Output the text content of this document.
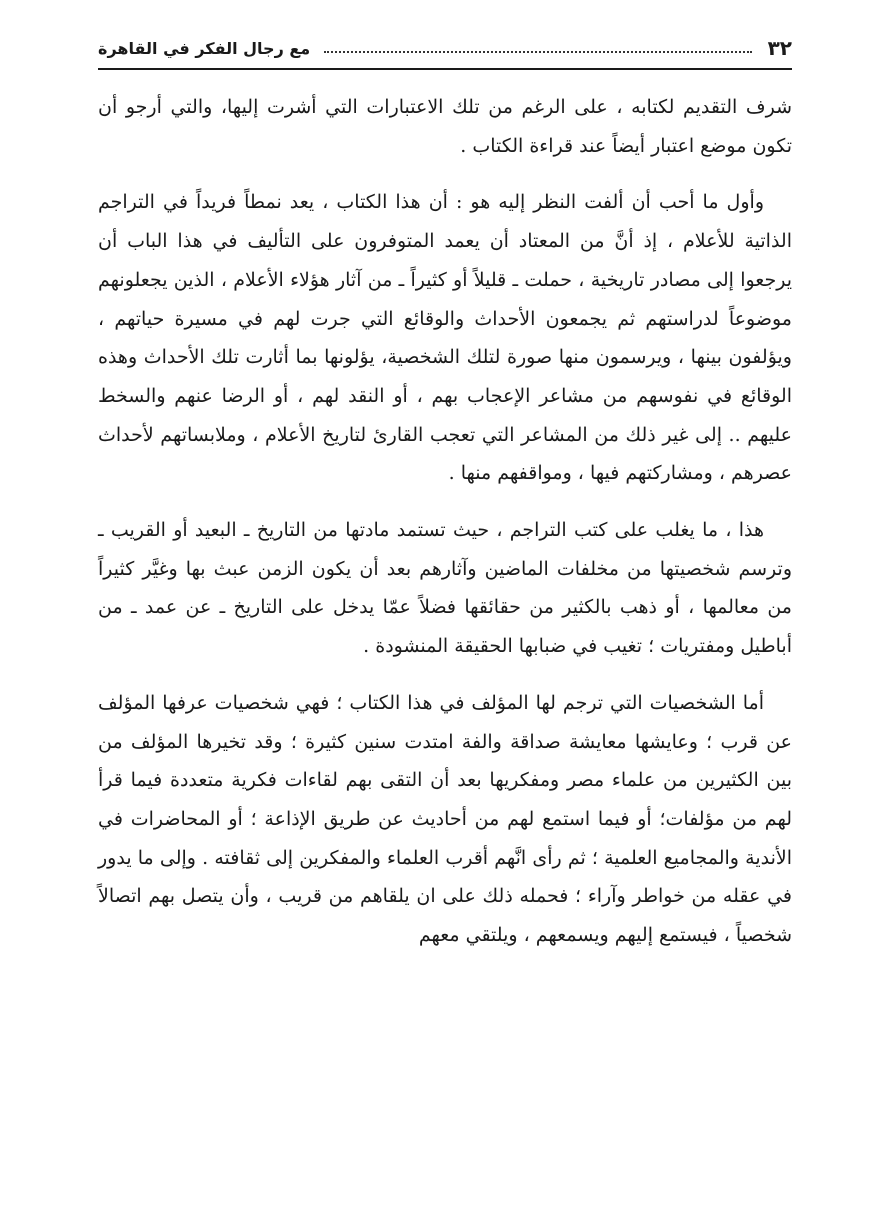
٣٢
مع رجال الفكر في القاهرة

شرف التقديم لكتابه ، على الرغم من تلك الاعتبارات التي أشرت إليها، والتي أرجو أن تكون موضع اعتبار أيضاً عند قراءة الكتاب .

وأول ما أحب أن ألفت النظر إليه هو : أن هذا الكتاب ، يعد نمطاً فريداً في التراجم الذاتية للأعلام ، إذ أنَّ من المعتاد أن يعمد المتوفرون على التأليف في هذا الباب أن يرجعوا إلى مصادر تاريخية ، حملت ـ قليلاً أو كثيراً ـ من آثار هؤلاء الأعلام ، الذين يجعلونهم موضوعاً لدراستهم ثم يجمعون الأحداث والوقائع التي جرت لهم في مسيرة حياتهم ، ويؤلفون بينها ، ويرسمون منها صورة لتلك الشخصية، يؤلونها بما أثارت تلك الأحداث وهذه الوقائع في نفوسهم من مشاعر الإعجاب بهم ، أو النقد لهم ، أو الرضا عنهم والسخط عليهم .. إلى غير ذلك من المشاعر التي تعجب القارئ لتاريخ الأعلام ، وملابساتهم لأحداث عصرهم ، ومشاركتهم فيها ، ومواقفهم منها .

هذا ، ما يغلب على كتب التراجم ، حيث تستمد مادتها من التاريخ ـ البعيد أو القريب ـ وترسم شخصيتها من مخلفات الماضين وآثارهم بعد أن يكون الزمن عبث بها وغيَّر كثيراً من معالمها ، أو ذهب بالكثير من حقائقها فضلاً عمّا يدخل على التاريخ ـ عن عمد ـ من أباطيل ومفتريات ؛ تغيب في ضبابها الحقيقة المنشودة .

أما الشخصيات التي ترجم لها المؤلف في هذا الكتاب ؛ فهي شخصيات عرفها المؤلف عن قرب ؛ وعايشها معايشة صداقة والفة امتدت سنين كثيرة ؛ وقد تخيرها المؤلف من بين الكثيرين من علماء مصر ومفكريها بعد أن التقى بهم لقاءات فكرية متعددة فيما قرأ لهم من مؤلفات؛ أو فيما استمع لهم من أحاديث عن طريق الإذاعة ؛ أو المحاضرات في الأندية والمجاميع العلمية ؛ ثم رأى انَّهم أقرب العلماء والمفكرين إلى ثقافته . وإلى ما يدور في عقله من خواطر وآراء ؛ فحمله ذلك على ان يلقاهم من قريب ، وأن يتصل بهم اتصالاً شخصياً ، فيستمع إليهم ويسمعهم ، ويلتقي معهم
